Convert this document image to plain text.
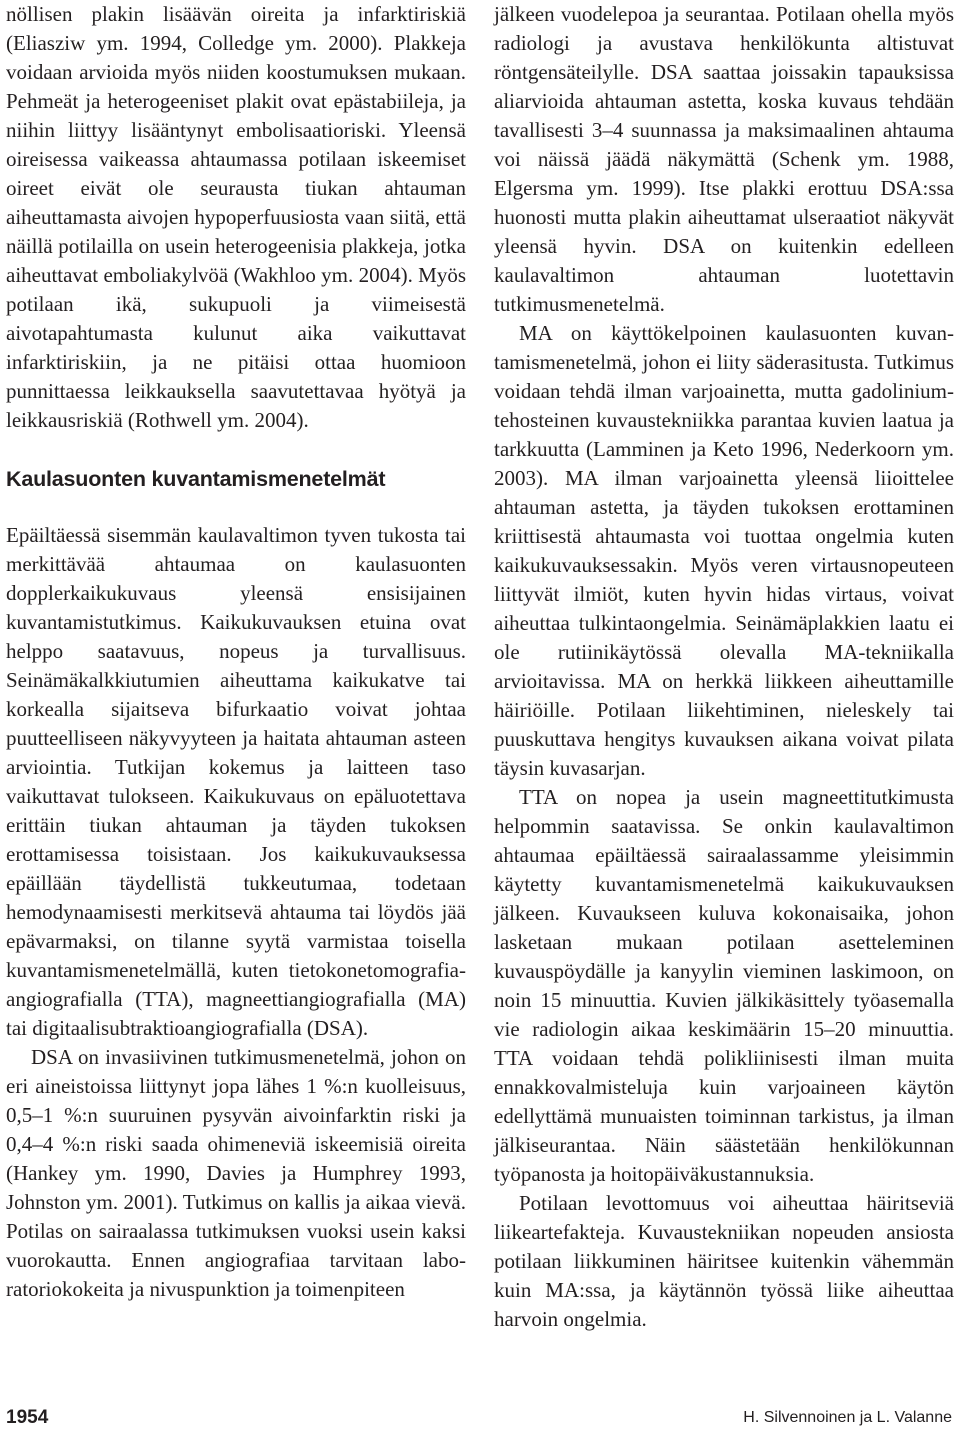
nöllisen plakin lisäävän oireita ja infarktiriskiä (Eliasziw ym. 1994, Colledge ym. 2000). Plakkeja voidaan arvioida myös niiden koostumuksen mukaan. Pehmeät ja heterogeeniset plakit ovat epästabiileja, ja niihin liittyy lisääntynyt embolisaatioriski. Yleensä oireisessa vaikeassa ahtaumassa potilaan iskeemiset oireet eivät ole seurausta tiukan ahtauman aiheuttamasta aivojen hypoperfuusiosta vaan siitä, että näillä potilailla on usein heterogeenisia plakkeja, jotka aiheuttavat emboliakylvöä (Wakhloo ym. 2004). Myös potilaan ikä, sukupuoli ja viimeisestä aivotapahtumasta kulunut aika vaikuttavat infarktiriskiin, ja ne pitäisi ottaa huomioon punnittaessa leikkauksella saavutettavaa hyötyä ja leikkausriskiä (Rothwell ym. 2004).

Kaulasuonten kuvantamismenetelmät

Epäiltäessä sisemmän kaulavaltimon tyven tukosta tai merkittävää ahtaumaa on kaulasuonten dopplerkaikukuvaus yleensä ensisijainen kuvantamistutkimus. Kaikukuvauksen etuina ovat helppo saatavuus, nopeus ja turvallisuus. Seinämäkalkkiutumien aiheuttama kaikukatve tai korkealla sijaitseva bifurkaatio voivat johtaa puutteelliseen näkyvyyteen ja haitata ahtauman asteen arviointia. Tutkijan kokemus ja laitteen taso vaikuttavat tulokseen. Kaikukuvaus on epäluotettava erittäin tiukan ahtauman ja täyden tukoksen erottamisessa toisistaan. Jos kaikukuvauksessa epäillään täydellistä tukkeutumaa, todetaan hemodynaamisesti merkitsevä ahtauma tai löydös jää epävarmaksi, on tilanne syytä varmistaa toisella kuvantamismenetelmällä, kuten tietokonetomografia-angiografialla (TTA), magneettiangiografialla (MA) tai digitaalisubtraktioangiografialla (DSA).

DSA on invasiivinen tutkimusmenetelmä, johon on eri aineistoissa liittynyt jopa lähes 1 %:n kuolleisuus, 0,5–1 %:n suuruinen pysyvän aivoinfarktin riski ja 0,4–4 %:n riski saada ohimeneviä iskeemisiä oireita (Hankey ym. 1990, Davies ja Humphrey 1993, Johnston ym. 2001). Tutkimus on kallis ja aikaa vievä. Potilas on sairaalassa tutkimuksen vuoksi usein kaksi vuorokautta. Ennen angiografiaa tarvitaan laboratoriokokeita ja nivuspunktion ja toimenpiteen

jälkeen vuodelepoa ja seurantaa. Potilaan ohella myös radiologi ja avustava henkilökunta altistuvat röntgensäteilylle. DSA saattaa joissakin tapauksissa aliarvioida ahtauman astetta, koska kuvaus tehdään tavallisesti 3–4 suunnassa ja maksimaalinen ahtauma voi näissä jäädä näkymättä (Schenk ym. 1988, Elgersma ym. 1999). Itse plakki erottuu DSA:ssa huonosti mutta plakin aiheuttamat ulseraatiot näkyvät yleensä hyvin. DSA on kuitenkin edelleen kaulavaltimon ahtauman luotettavin tutkimusmenetelmä.

MA on käyttökelpoinen kaulasuonten kuvantamismenetelmä, johon ei liity säderasitusta. Tutkimus voidaan tehdä ilman varjoainetta, mutta gadolinium-tehosteinen kuvaustekniikka parantaa kuvien laatua ja tarkkuutta (Lamminen ja Keto 1996, Nederkoorn ym. 2003). MA ilman varjoainetta yleensä liioittelee ahtauman astetta, ja täyden tukoksen erottaminen kriittisestä ahtaumasta voi tuottaa ongelmia kuten kaikukuvauksessakin. Myös veren virtausnopeuteen liittyvät ilmiöt, kuten hyvin hidas virtaus, voivat aiheuttaa tulkintaongelmia. Seinämäplakkien laatu ei ole rutiinikäytössä olevalla MA-tekniikalla arvioitavissa. MA on herkkä liikkeen aiheuttamille häiriöille. Potilaan liikehtiminen, nieleskely tai puuskuttava hengitys kuvauksen aikana voivat pilata täysin kuvasarjan.

TTA on nopea ja usein magneettitutkimusta helpommin saatavissa. Se onkin kaulavaltimon ahtaumaa epäiltäessä sairaalassamme yleisimmin käytetty kuvantamismenetelmä kaikukuvauksen jälkeen. Kuvaukseen kuluva kokonaisaika, johon lasketaan mukaan potilaan asetteleminen kuvauspöydälle ja kanyylin vieminen laskimoon, on noin 15 minuuttia. Kuvien jälkikäsittely työasemalla vie radiologin aikaa keskimäärin 15–20 minuuttia. TTA voidaan tehdä polikliinisesti ilman muita ennakkovalmisteluja kuin varjoaineen käytön edellyttämä munuaisten toiminnan tarkistus, ja ilman jälkiseurantaa. Näin säästetään henkilökunnan työpanosta ja hoitopäiväkustannuksia.

Potilaan levottomuus voi aiheuttaa häiritseviä liikeartefakteja. Kuvaustekniikan nopeuden ansiosta potilaan liikkuminen häiritsee kuitenkin vähemmän kuin MA:ssa, ja käytännön työssä liike aiheuttaa harvoin ongelmia.

1954	H. Silvennoinen ja L. Valanne
